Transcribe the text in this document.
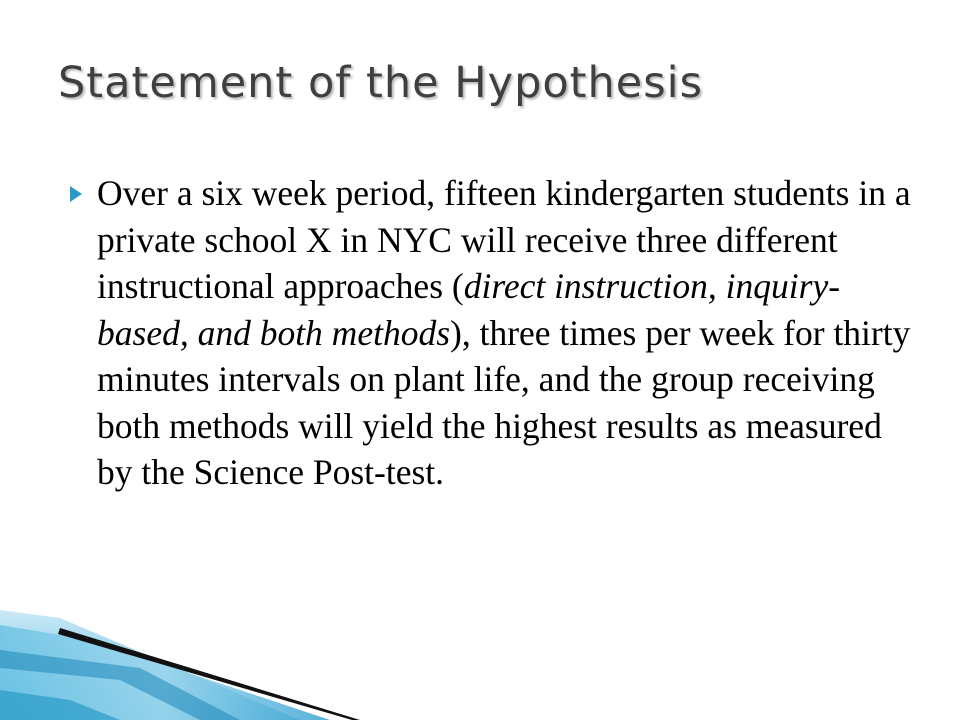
Statement of the Hypothesis

Over a six week period, fifteen kindergarten students in a private school X in NYC will receive three different instructional approaches (direct instruction, inquiry-based, and both methods), three times per week for thirty minutes intervals on plant life, and the group receiving both methods will yield the highest results as measured by the Science Post-test.
